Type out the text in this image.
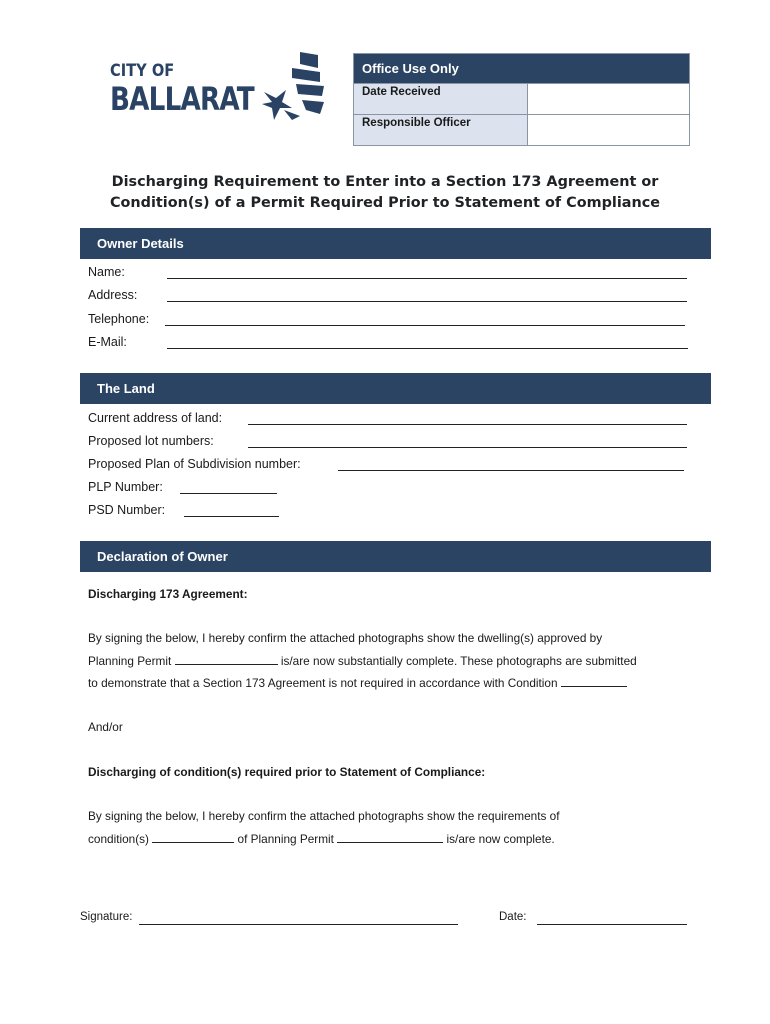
CITY OF
BALLARAT
Office Use Only	
Date Received	
Responsible Officer	
Discharging Requirement to Enter into a Section 173 Agreement or
Condition(s) of a Permit Required Prior to Statement of Compliance
Owner Details
Name:
Address:
Telephone:
E-Mail:
The Land
Current address of land:
Proposed lot numbers:
Proposed Plan of Subdivision number:
PLP Number:
PSD Number:
Declaration of Owner
Discharging 173 Agreement:
By signing the below, I hereby confirm the attached photographs show the dwelling(s) approved by
Planning Permit	is/are now substantially complete. These photographs are submitted
to demonstrate that a Section 173 Agreement is not required in accordance with Condition
And/or
Discharging of condition(s) required prior to Statement of Compliance:
By signing the below, I hereby confirm the attached photographs show the requirements of
condition(s)	of Planning Permit	is/are now complete.
Signature:	Date:
